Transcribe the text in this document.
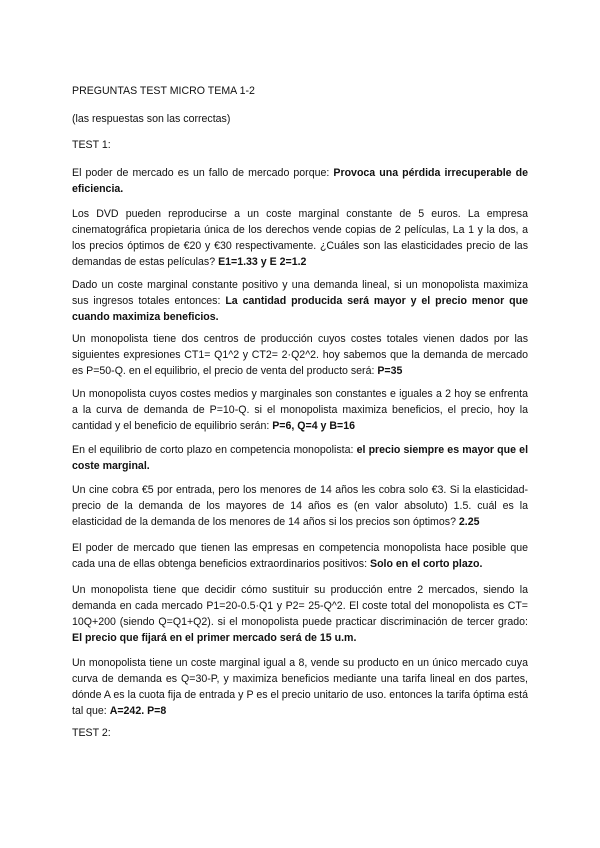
PREGUNTAS TEST MICRO TEMA 1-2

(las respuestas son las correctas)

TEST 1:

El poder de mercado es un fallo de mercado porque: Provoca una pérdida irrecuperable de eficiencia.

Los DVD pueden reproducirse a un coste marginal constante de 5 euros. La empresa cinematográfica propietaria única de los derechos vende copias de 2 películas, La 1 y la dos, a los precios óptimos de €20 y €30 respectivamente. ¿Cuáles son las elasticidades precio de las demandas de estas películas? E1=1.33 y E 2=1.2

Dado un coste marginal constante positivo y una demanda lineal, si un monopolista maximiza sus ingresos totales entonces: La cantidad producida será mayor y el precio menor que cuando maximiza beneficios.

Un monopolista tiene dos centros de producción cuyos costes totales vienen dados por las siguientes expresiones CT1= Q1^2 y CT2= 2·Q2^2. hoy sabemos que la demanda de mercado es P=50-Q. en el equilibrio, el precio de venta del producto será: P=35

Un monopolista cuyos costes medios y marginales son constantes e iguales a 2 hoy se enfrenta a la curva de demanda de P=10-Q. si el monopolista maximiza beneficios, el precio, hoy la cantidad y el beneficio de equilibrio serán: P=6, Q=4 y B=16

En el equilibrio de corto plazo en competencia monopolista: el precio siempre es mayor que el coste marginal.

Un cine cobra €5 por entrada, pero los menores de 14 años les cobra solo €3. Si la elasticidad-precio de la demanda de los mayores de 14 años es (en valor absoluto) 1.5. cuál es la elasticidad de la demanda de los menores de 14 años si los precios son óptimos? 2.25

El poder de mercado que tienen las empresas en competencia monopolista hace posible que cada una de ellas obtenga beneficios extraordinarios positivos: Solo en el corto plazo.

Un monopolista tiene que decidir cómo sustituir su producción entre 2 mercados, siendo la demanda en cada mercado P1=20-0.5·Q1 y P2= 25-Q^2. El coste total del monopolista es CT= 10Q+200 (siendo Q=Q1+Q2). si el monopolista puede practicar discriminación de tercer grado: El precio que fijará en el primer mercado será de 15 u.m.

Un monopolista tiene un coste marginal igual a 8, vende su producto en un único mercado cuya curva de demanda es Q=30-P, y maximiza beneficios mediante una tarifa lineal en dos partes, dónde A es la cuota fija de entrada y P es el precio unitario de uso. entonces la tarifa óptima está tal que: A=242. P=8

TEST 2:
